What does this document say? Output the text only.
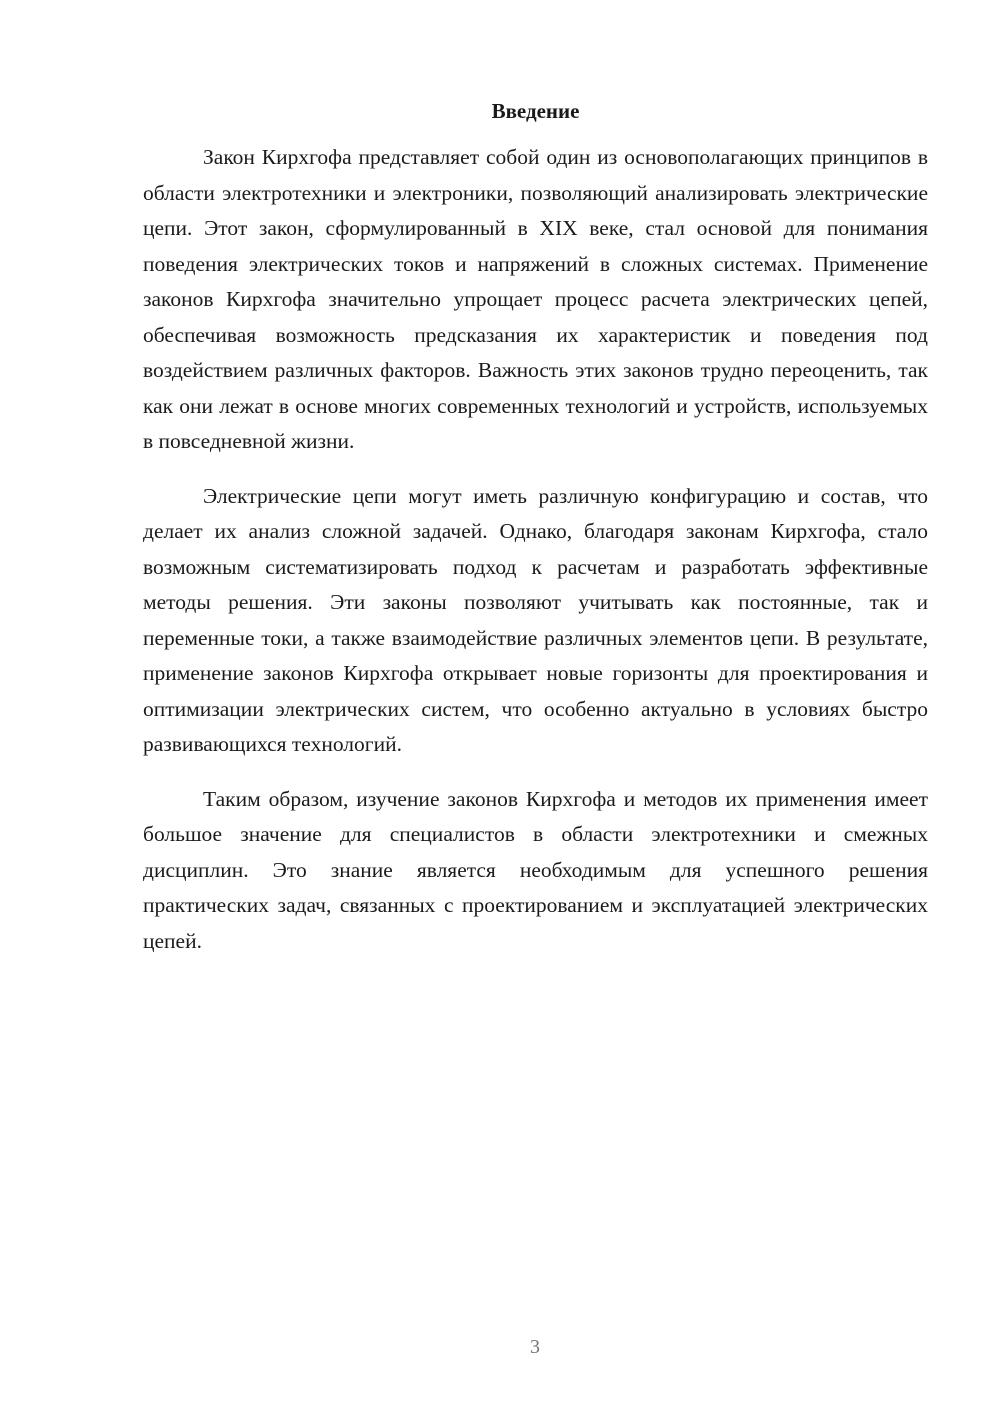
Введение

Закон Кирхгофа представляет собой один из основополагающих принципов в области электротехники и электроники, позволяющий анализировать электрические цепи. Этот закон, сформулированный в XIX веке, стал основой для понимания поведения электрических токов и напряжений в сложных системах. Применение законов Кирхгофа значительно упрощает процесс расчета электрических цепей, обеспечивая возможность предсказания их характеристик и поведения под воздействием различных факторов. Важность этих законов трудно переоценить, так как они лежат в основе многих современных технологий и устройств, используемых в повседневной жизни.

Электрические цепи могут иметь различную конфигурацию и состав, что делает их анализ сложной задачей. Однако, благодаря законам Кирхгофа, стало возможным систематизировать подход к расчетам и разработать эффективные методы решения. Эти законы позволяют учитывать как постоянные, так и переменные токи, а также взаимодействие различных элементов цепи. В результате, применение законов Кирхгофа открывает новые горизонты для проектирования и оптимизации электрических систем, что особенно актуально в условиях быстро развивающихся технологий.

Таким образом, изучение законов Кирхгофа и методов их применения имеет большое значение для специалистов в области электротехники и смежных дисциплин. Это знание является необходимым для успешного решения практических задач, связанных с проектированием и эксплуатацией электрических цепей.

3
